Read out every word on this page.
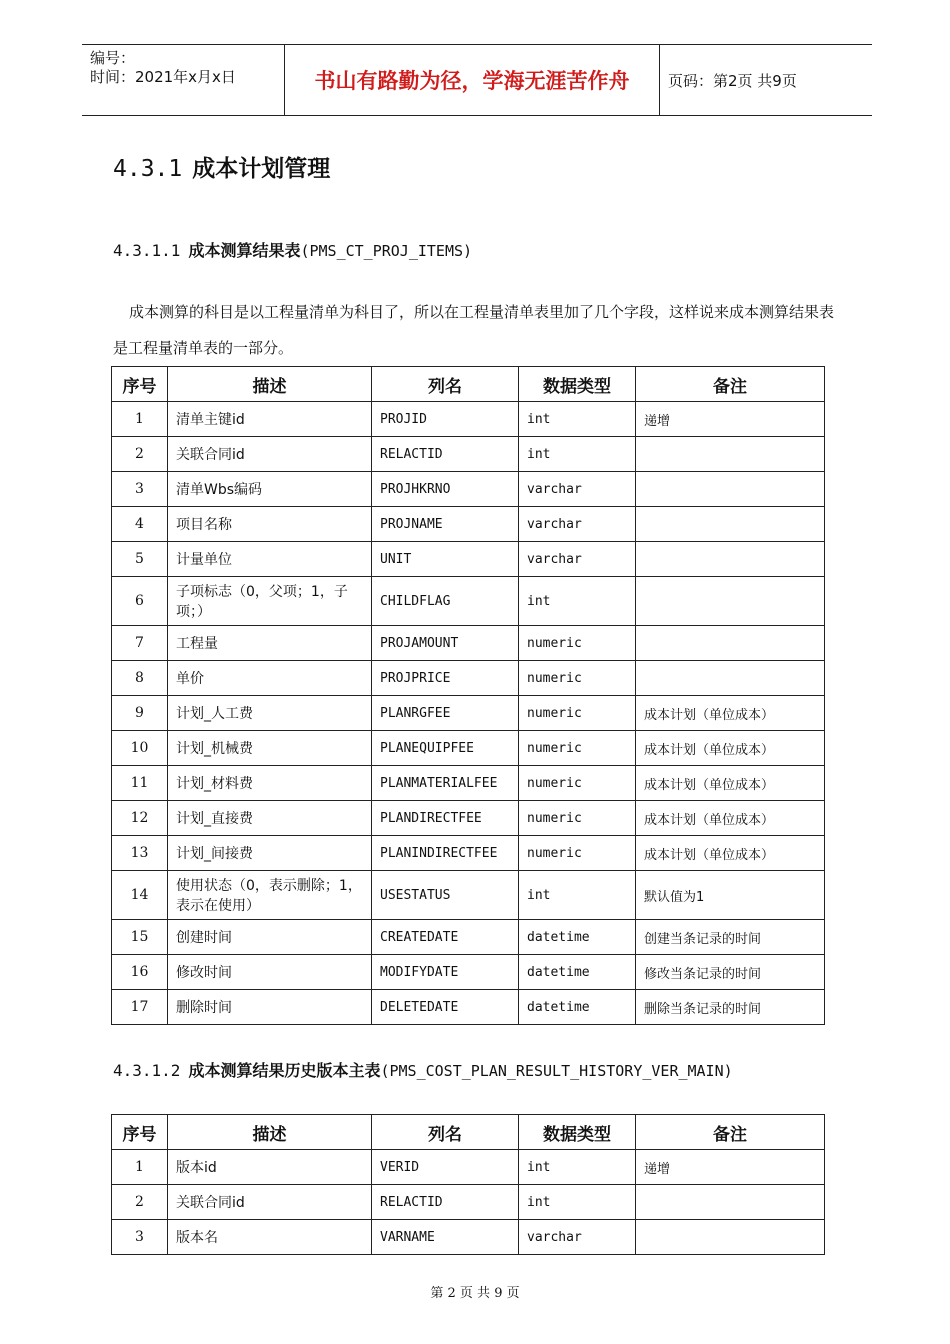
编号：
时间：2021年x月x日	书山有路勤为径，学海无涯苦作舟	页码：第2页 共9页
4.3.1 成本计划管理
4.3.1.1 成本测算结果表(PMS_CT_PROJ_ITEMS)
成本测算的科目是以工程量清单为科目了，所以在工程量清单表里加了几个字段，这样说来成本测算结果表是工程量清单表的一部分。
序号	描述	列名	数据类型	备注
1	清单主键id	PROJID	int	递增
2	关联合同id	RELACTID	int	
3	清单Wbs编码	PROJHKRNO	varchar	
4	项目名称	PROJNAME	varchar	
5	计量单位	UNIT	varchar	
6	子项标志（0，父项；1，子项；）	CHILDFLAG	int	
7	工程量	PROJAMOUNT	numeric	
8	单价	PROJPRICE	numeric	
9	计划_人工费	PLANRGFEE	numeric	成本计划（单位成本）
10	计划_机械费	PLANEQUIPFEE	numeric	成本计划（单位成本）
11	计划_材料费	PLANMATERIALFEE	numeric	成本计划（单位成本）
12	计划_直接费	PLANDIRECTFEE	numeric	成本计划（单位成本）
13	计划_间接费	PLANINDIRECTFEE	numeric	成本计划（单位成本）
14	使用状态（0，表示删除；1，表示在使用）	USESTATUS	int	默认值为1
15	创建时间	CREATEDATE	datetime	创建当条记录的时间
16	修改时间	MODIFYDATE	datetime	修改当条记录的时间
17	删除时间	DELETEDATE	datetime	删除当条记录的时间
4.3.1.2 成本测算结果历史版本主表(PMS_COST_PLAN_RESULT_HISTORY_VER_MAIN)
序号	描述	列名	数据类型	备注
1	版本id	VERID	int	递增
2	关联合同id	RELACTID	int	
3	版本名	VARNAME	varchar	
第 2 页 共 9 页
